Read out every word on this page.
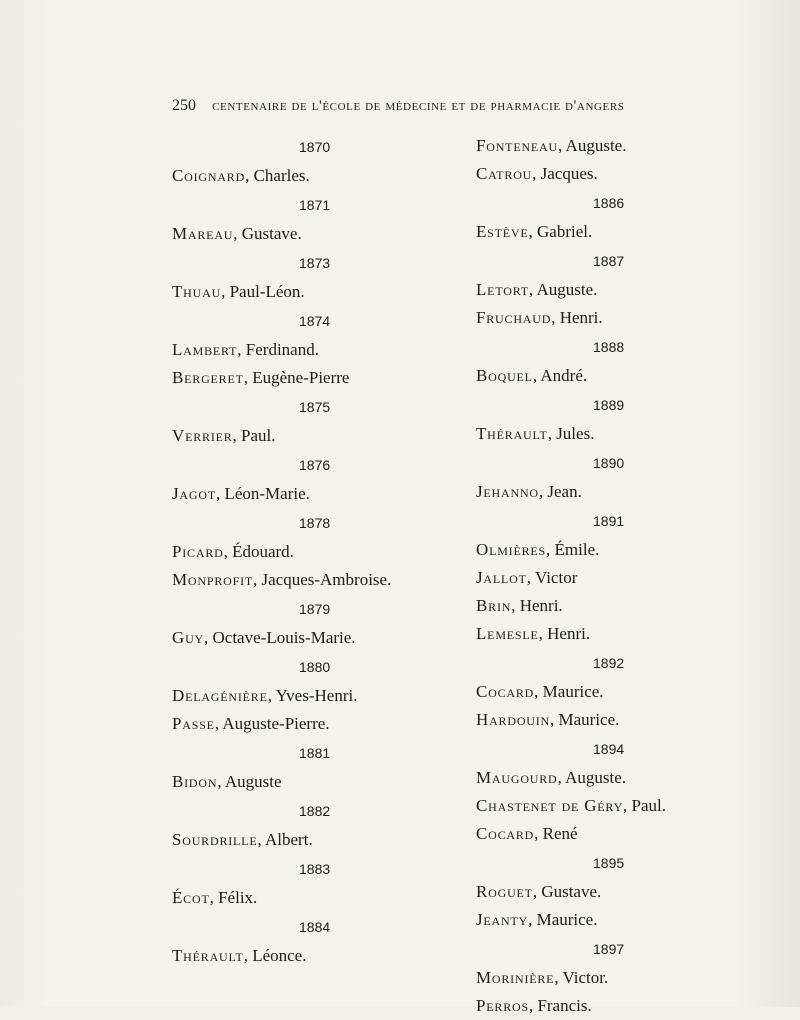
250 centenaire de l'école de médecine et de pharmacie d'angers
1870
Coignard, Charles.
1871
Mareau, Gustave.
1873
Thuau, Paul-Léon.
1874
Lambert, Ferdinand.
Bergeret, Eugène-Pierre
1875
Verrier, Paul.
1876
Jagot, Léon-Marie.
1878
Picard, Édouard.
Monprofit, Jacques-Ambroise.
1879
Guy, Octave-Louis-Marie.
1880
Delagénière, Yves-Henri.
Passe, Auguste-Pierre.
1881
Bidon, Auguste
1882
Sourdrille, Albert.
1883
Écot, Félix.
1884
Thérault, Léonce.
Fonteneau, Auguste.
Catrou, Jacques.
1886
Estève, Gabriel.
1887
Letort, Auguste.
Fruchaud, Henri.
1888
Boquel, André.
1889
Thérault, Jules.
1890
Jehanno, Jean.
1891
Olmières, Émile.
Jallot, Victor
Brin, Henri.
Lemesle, Henri.
1892
Cocard, Maurice.
Hardouin, Maurice.
1894
Maugourd, Auguste.
Chastenet de Géry, Paul.
Cocard, René
1895
Roguet, Gustave.
Jeanty, Maurice.
1897
Morinière, Victor.
Perros, Francis.
